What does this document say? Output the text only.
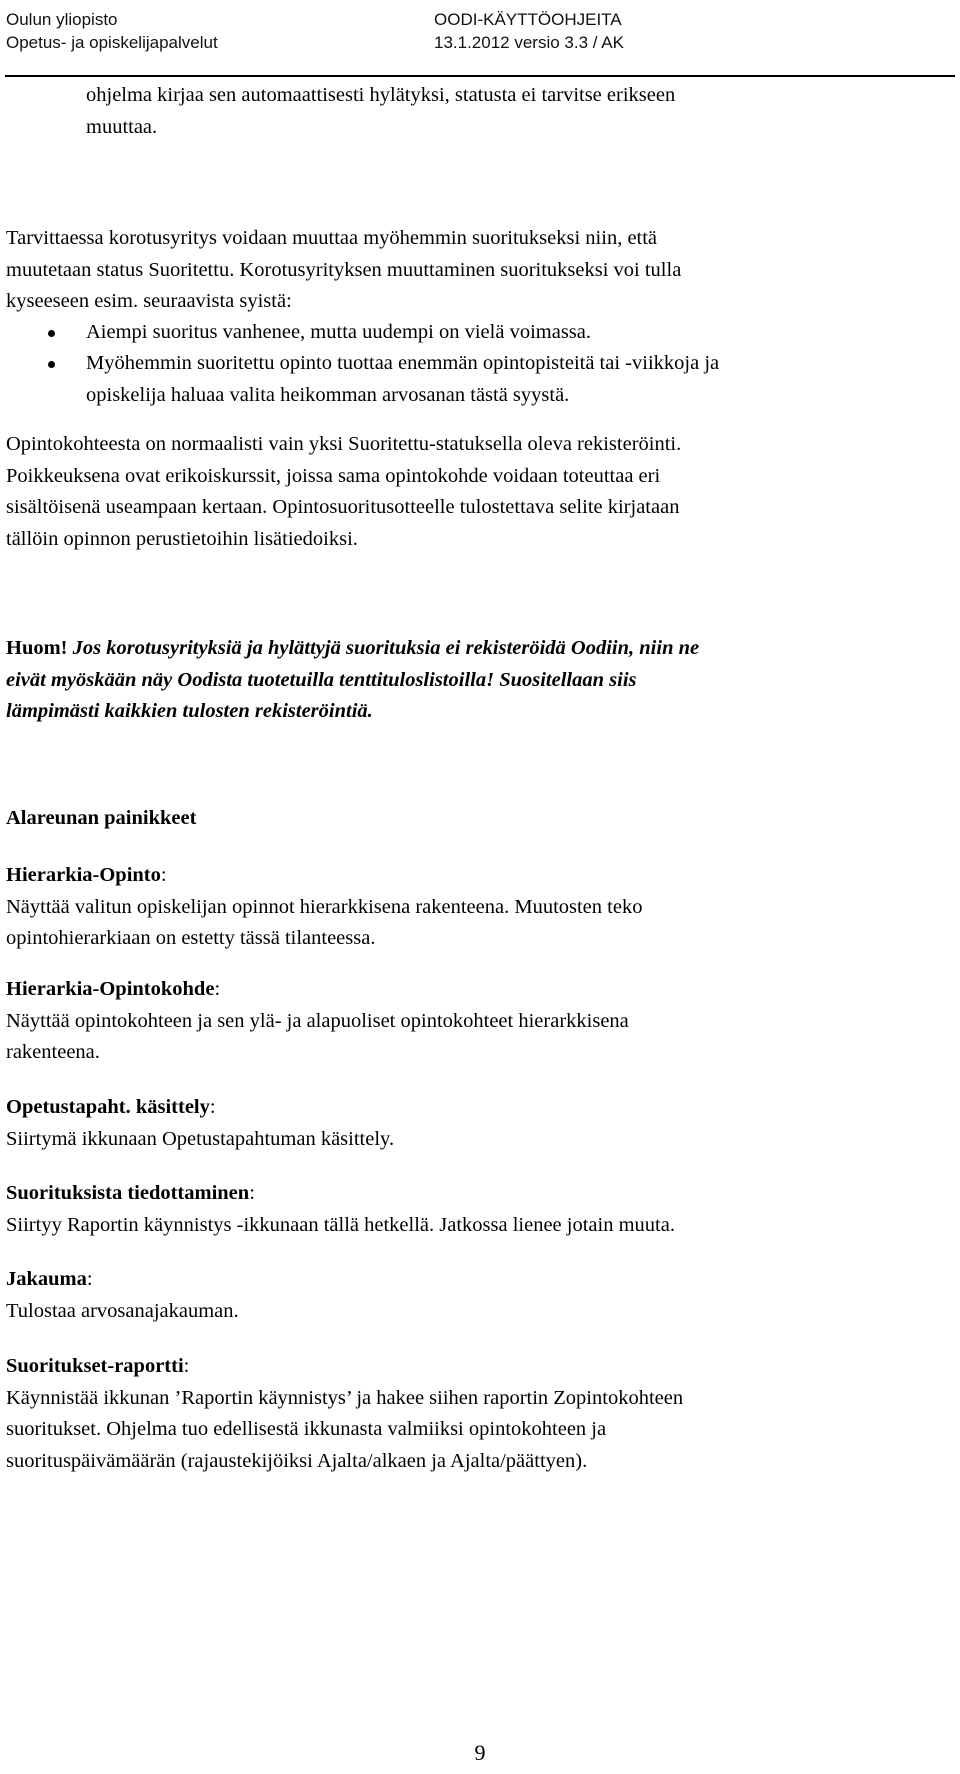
Oulun yliopisto
Opetus- ja opiskelijapalvelut
OODI-KÄYTTÖOHJEITA
13.1.2012 versio 3.3 / AK
ohjelma kirjaa sen automaattisesti hylätyksi, statusta ei tarvitse erikseen
muuttaa.
Tarvittaessa korotusyritys voidaan muuttaa myöhemmin suoritukseksi niin, että
muutetaan status Suoritettu. Korotusyrityksen muuttaminen suoritukseksi voi tulla
kyseeseen esim. seuraavista syistä:
Aiempi suoritus vanhenee, mutta uudempi on vielä voimassa.
Myöhemmin suoritettu opinto tuottaa enemmän opintopisteitä tai -viikkoja ja
opiskelija haluaa valita heikomman arvosanan tästä syystä.
Opintokohteesta on normaalisti vain yksi Suoritettu-statuksella oleva rekisteröinti.
Poikkeuksena ovat erikoiskurssit, joissa sama opintokohde voidaan toteuttaa eri
sisältöisenä useampaan kertaan. Opintosuoritusotteelle tulostettava selite kirjataan
tällöin opinnon perustietoihin lisätiedoiksi.
Huom! Jos korotusyrityksiä ja hylättyjä suorituksia ei rekisteröidä Oodiin, niin ne
eivät myöskään näy Oodista tuotetuilla tenttituloslistoilla! Suositellaan siis
lämpimästi kaikkien tulosten rekisteröintiä.
Alareunan painikkeet
Hierarkia-Opinto:
Näyttää valitun opiskelijan opinnot hierarkkisena rakenteena. Muutosten teko
opintohierarkiaan on estetty tässä tilanteessa.
Hierarkia-Opintokohde:
Näyttää opintokohteen ja sen ylä- ja alapuoliset opintokohteet hierarkkisena
rakenteena.
Opetustapaht. käsittely:
Siirtymä ikkunaan Opetustapahtuman käsittely.
Suorituksista tiedottaminen:
Siirtyy Raportin käynnistys -ikkunaan tällä hetkellä. Jatkossa lienee jotain muuta.
Jakauma:
Tulostaa arvosanajakauman.
Suoritukset-raportti:
Käynnistää ikkunan ’Raportin käynnistys’ ja hakee siihen raportin Zopintokohteen
suoritukset. Ohjelma tuo edellisestä ikkunasta valmiiksi opintokohteen ja
suorituspäivämäärän (rajaustekijöiksi Ajalta/alkaen ja Ajalta/päättyen).
9
